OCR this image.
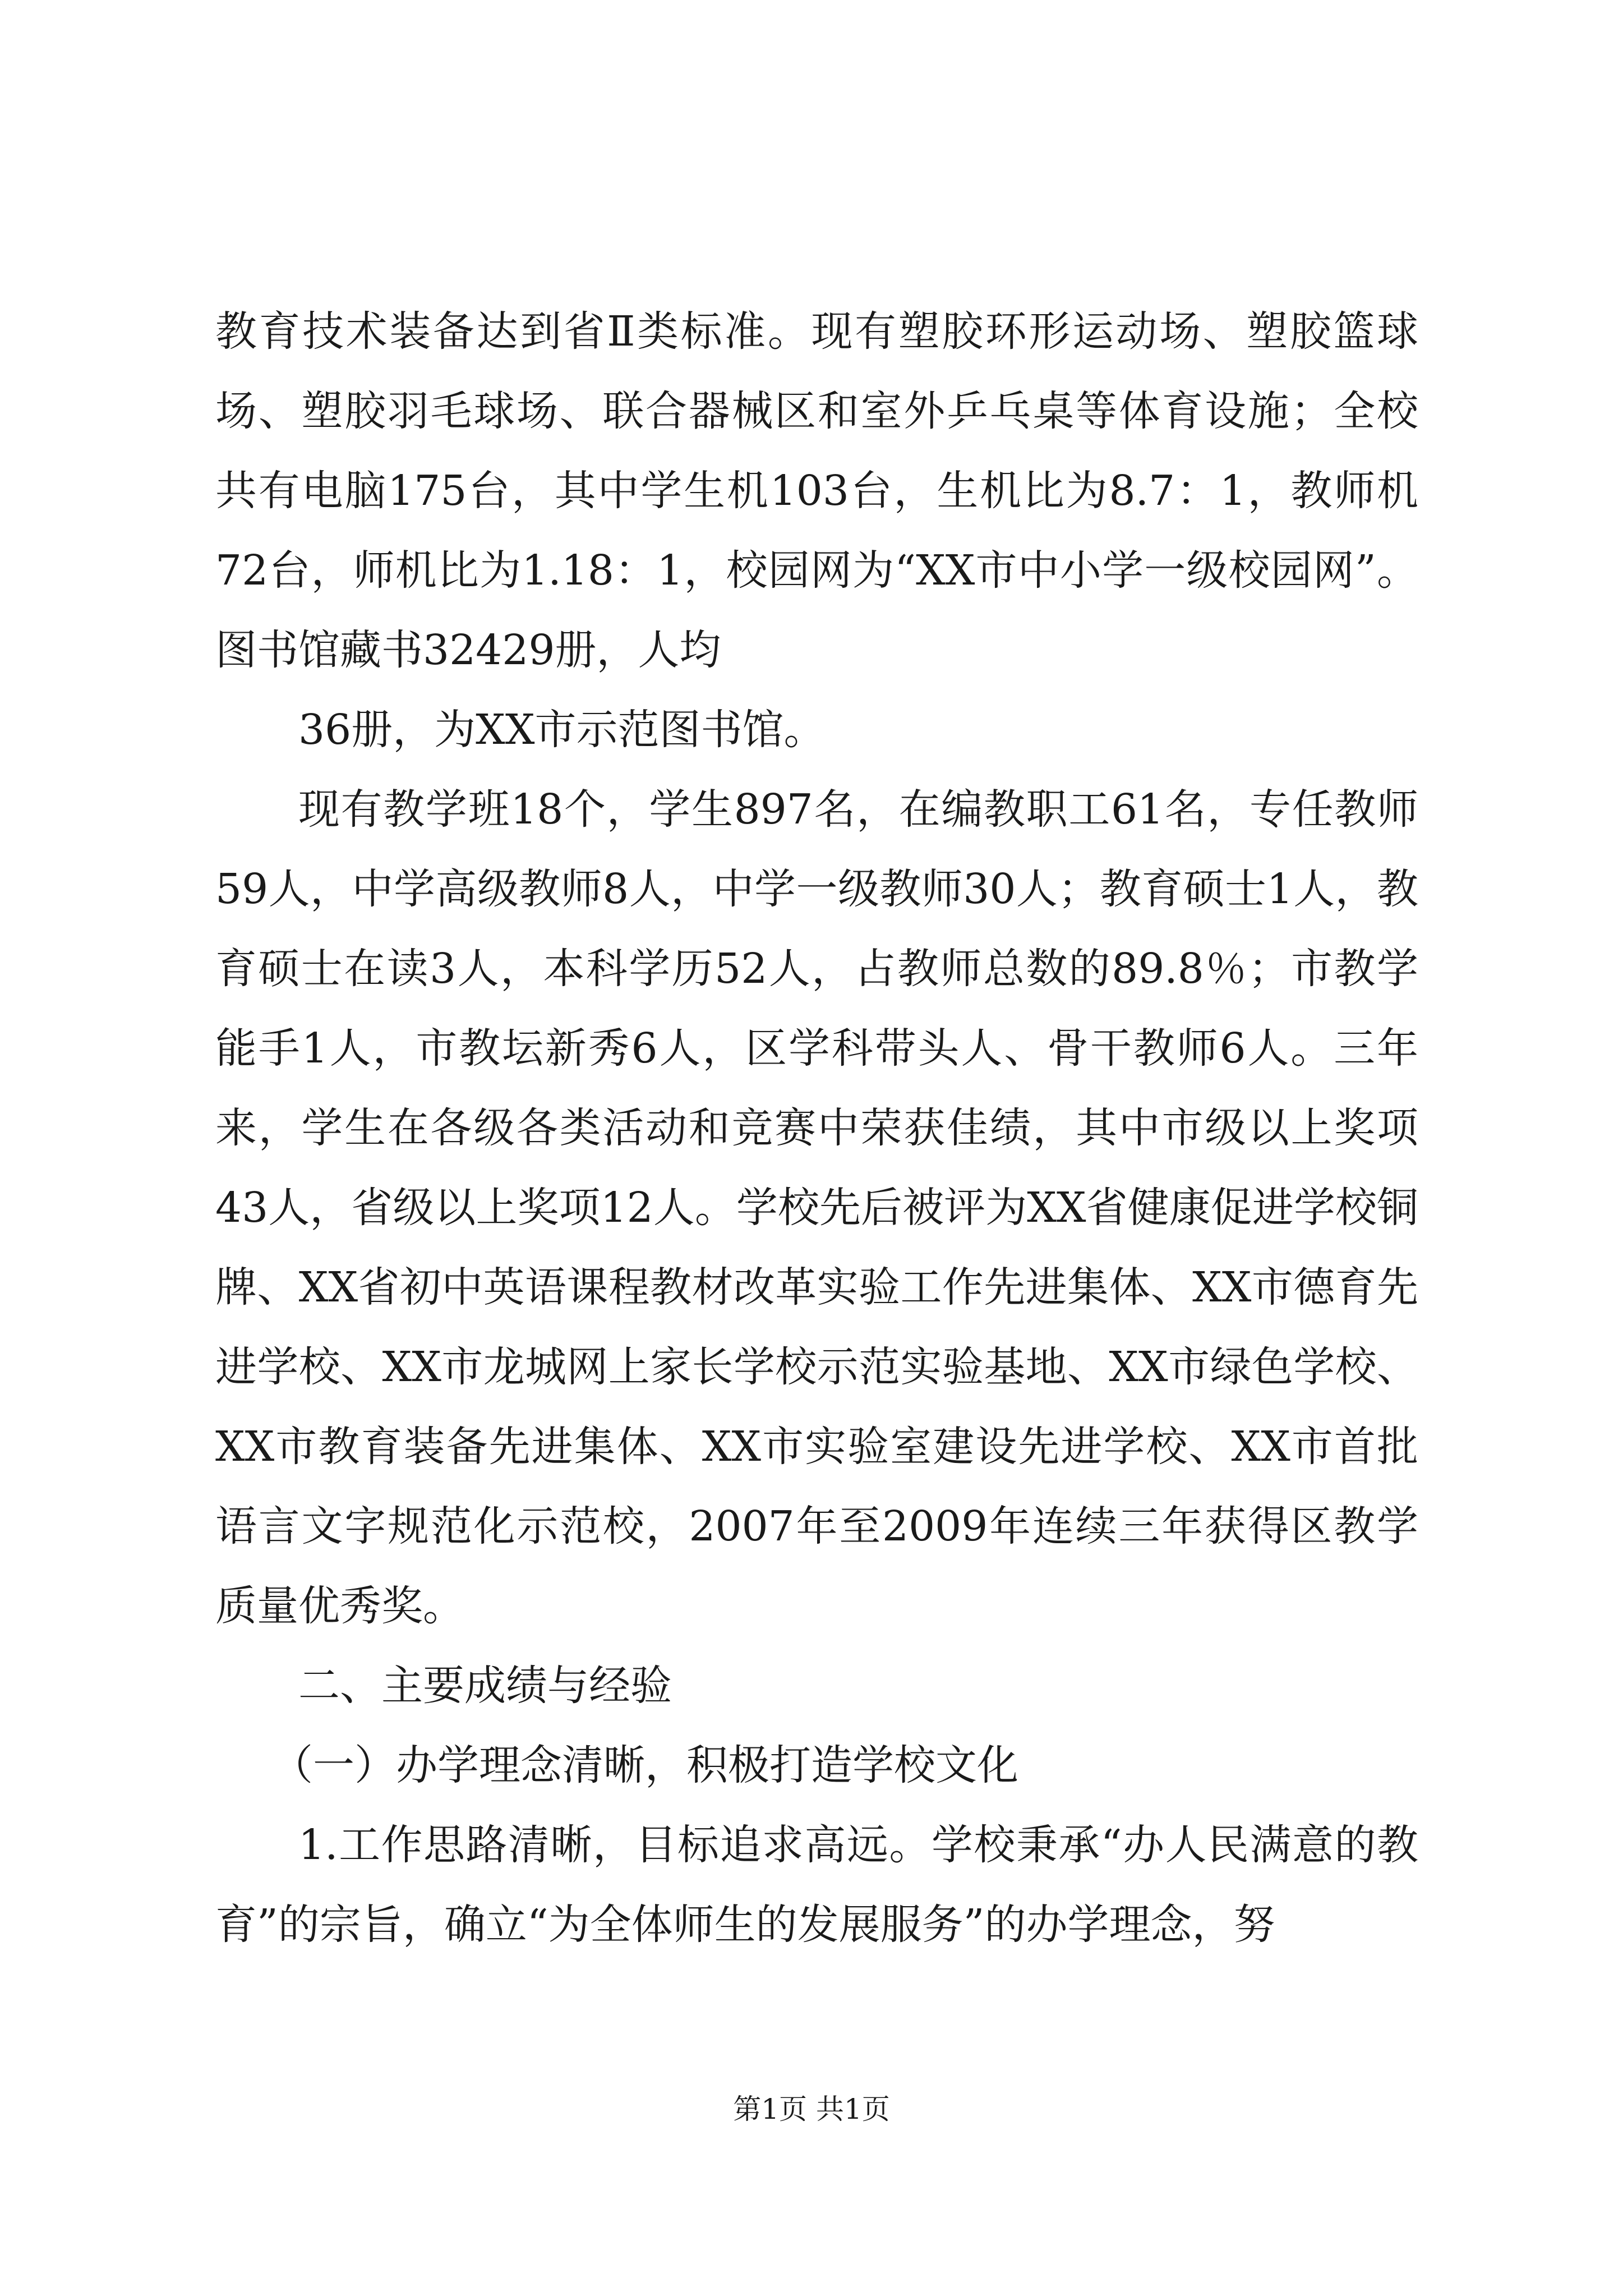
教育技术装备达到省Ⅱ类标准。现有塑胶环形运动场、塑胶篮球场、塑胶羽毛球场、联合器械区和室外乒乓桌等体育设施；全校共有电脑175台，其中学生机103台，生机比为8.7：1，教师机72台，师机比为1.18：1，校园网为“XX市中小学一级校园网”。图书馆藏书32429册，人均

36册，为XX市示范图书馆。

现有教学班18个，学生897名，在编教职工61名，专任教师59人，中学高级教师8人，中学一级教师30人；教育硕士1人，教育硕士在读3人，本科学历52人，占教师总数的89.8％；市教学能手1人，市教坛新秀6人，区学科带头人、骨干教师6人。三年来，学生在各级各类活动和竞赛中荣获佳绩，其中市级以上奖项43人，省级以上奖项12人。学校先后被评为XX省健康促进学校铜牌、XX省初中英语课程教材改革实验工作先进集体、XX市德育先进学校、XX市龙城网上家长学校示范实验基地、XX市绿色学校、XX市教育装备先进集体、XX市实验室建设先进学校、XX市首批语言文字规范化示范校，2007年至2009年连续三年获得区教学质量优秀奖。

二、主要成绩与经验

（一）办学理念清晰，积极打造学校文化

1.工作思路清晰，目标追求高远。学校秉承“办人民满意的教育”的宗旨，确立“为全体师生的发展服务”的办学理念，努

第1页 共1页
